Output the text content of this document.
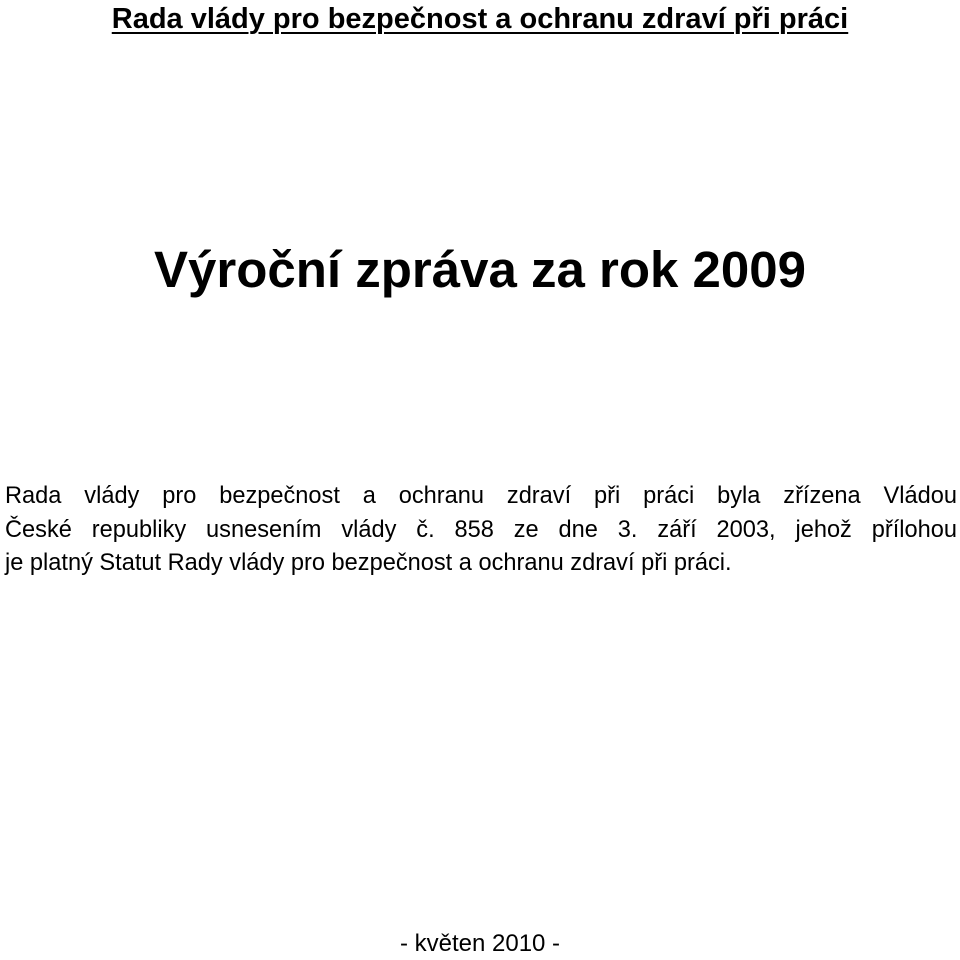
Rada vlády pro bezpečnost a ochranu zdraví při práci
Výroční zpráva za rok 2009
Rada vlády pro bezpečnost a ochranu zdraví při práci byla zřízena Vládou
České republiky usnesením vlády č. 858 ze dne 3. září 2003, jehož přílohou
je platný Statut Rady vlády pro bezpečnost a ochranu zdraví při práci.
- květen 2010 -
